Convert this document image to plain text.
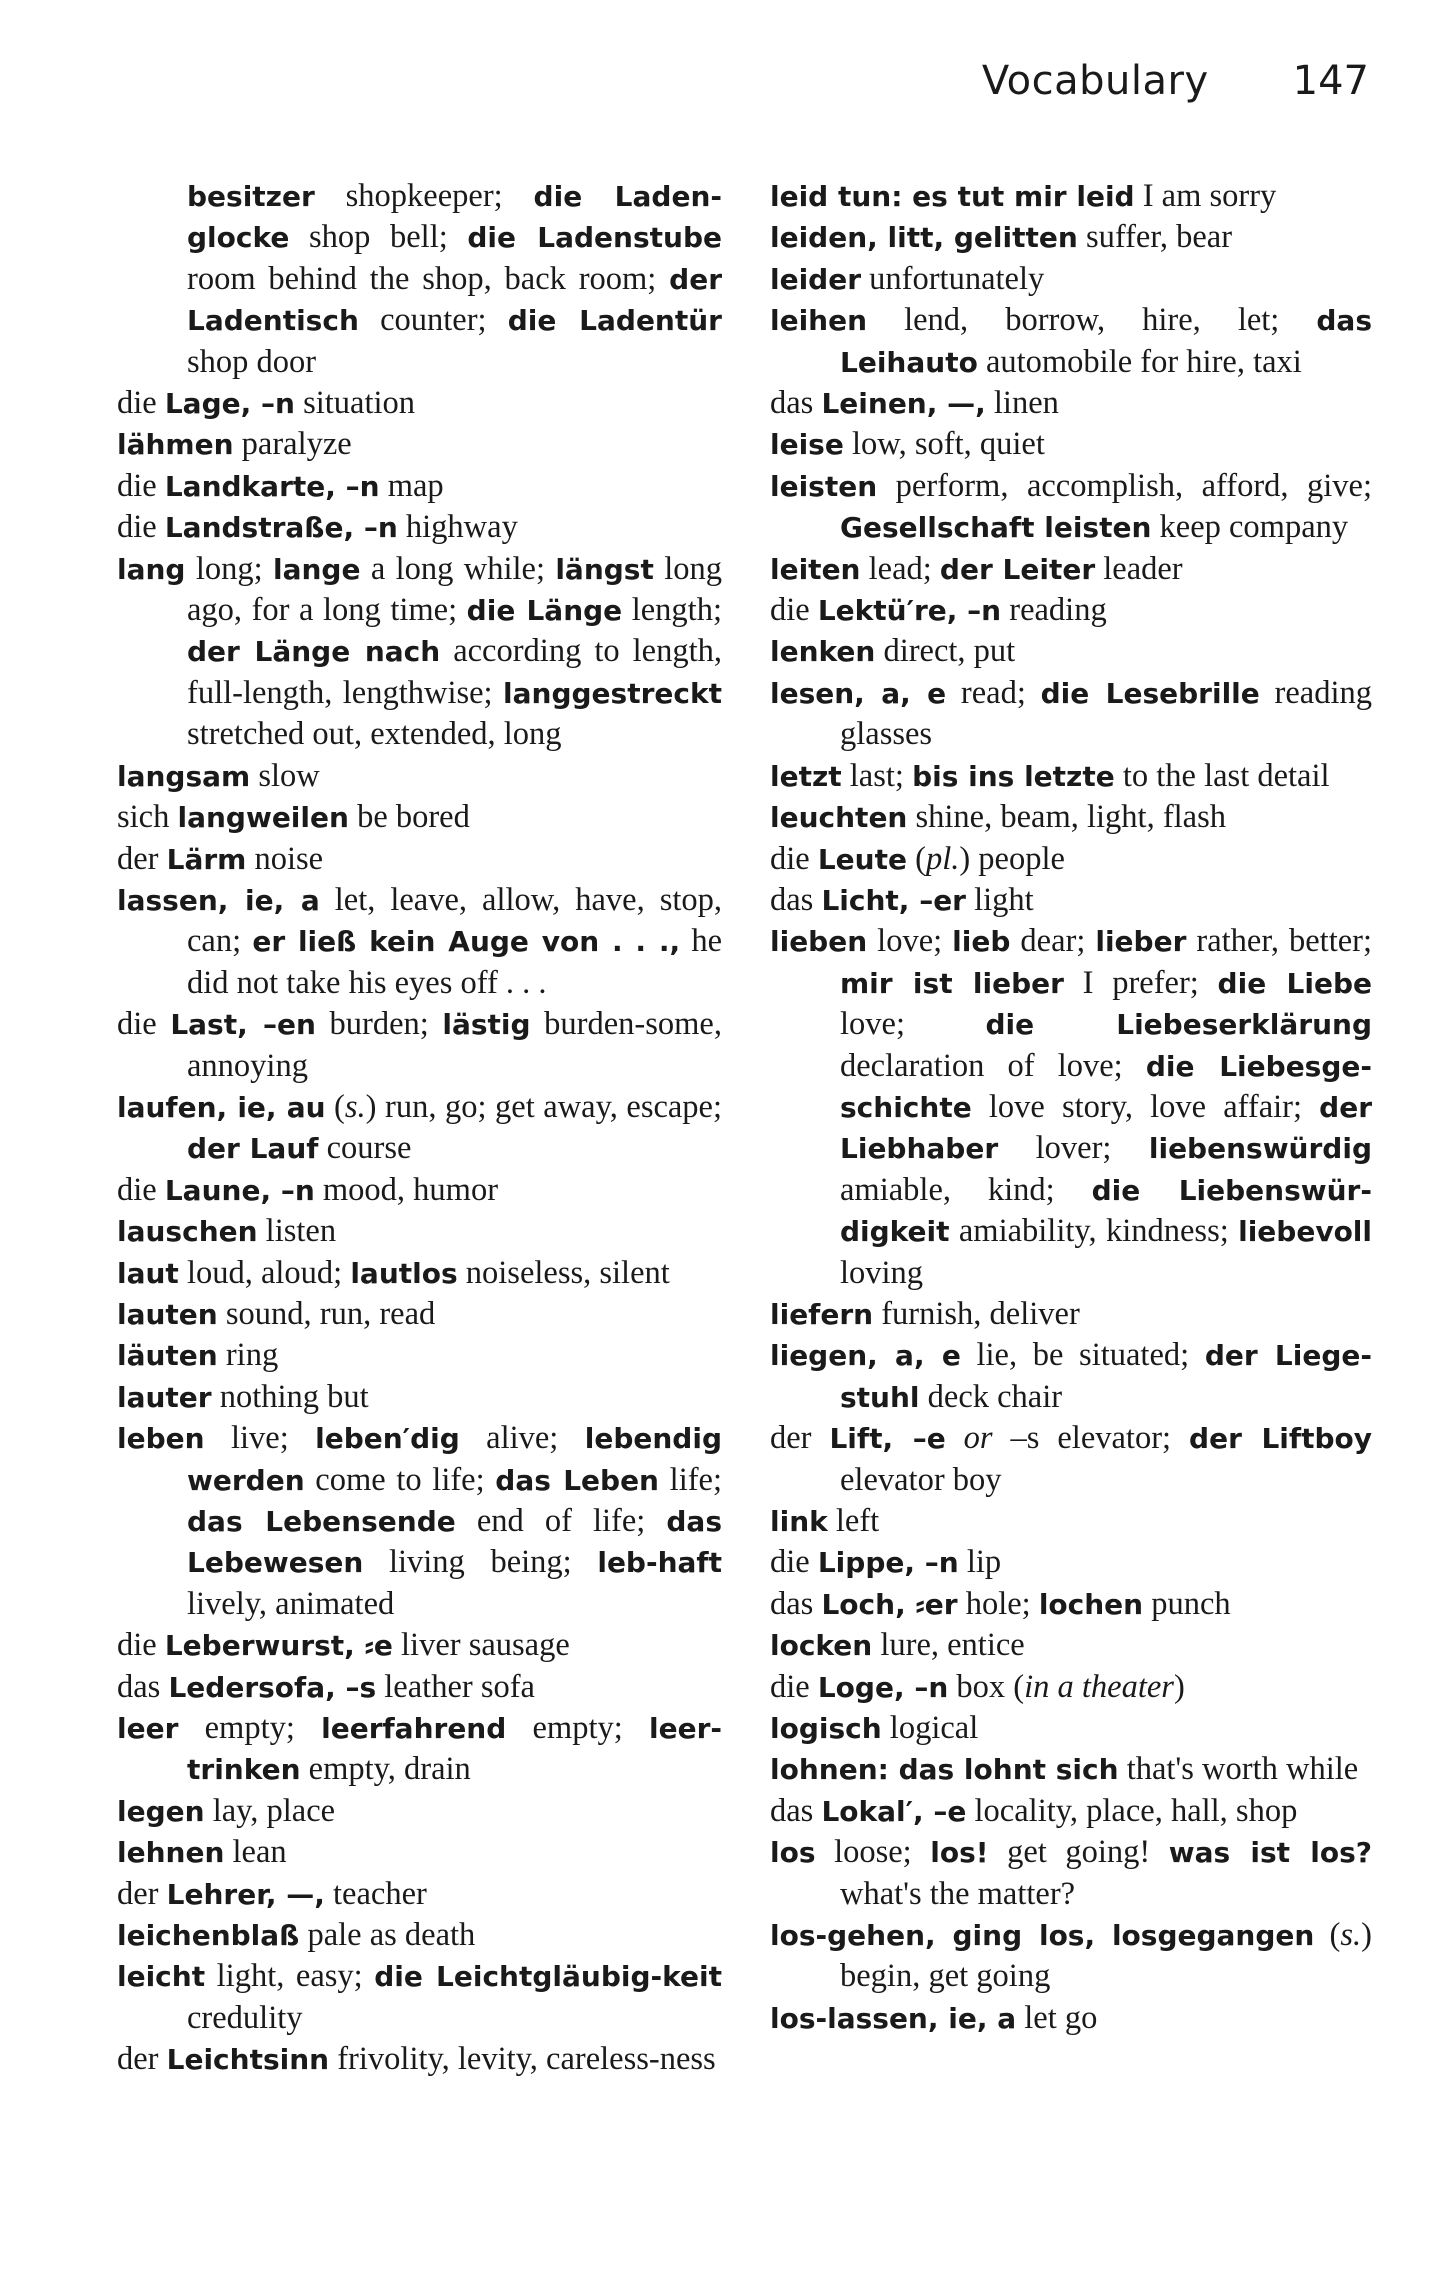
Vocabulary 147
besitzer shopkeeper; die Laden-glocke shop bell; die Ladenstube room behind the shop, back room; der Ladentisch counter; die Ladentür shop door
die Lage, –n situation
lähmen paralyze
die Landkarte, –n map
die Landstraße, –n highway
lang long; lange a long while; längst long ago, for a long time; die Länge length; der Länge nach according to length, full-length, lengthwise; langgestreckt stretched out, extended, long
langsam slow
sich langweilen be bored
der Lärm noise
lassen, ie, a let, leave, allow, have, stop, can; er ließ kein Auge von . . ., he did not take his eyes off . . .
die Last, –en burden; lästig burden-some, annoying
laufen, ie, au (s.) run, go; get away, escape; der Lauf course
die Laune, –n mood, humor
lauschen listen
laut loud, aloud; lautlos noiseless, silent
lauten sound, run, read
läuten ring
lauter nothing but
leben live; leben′dig alive; lebendig werden come to life; das Leben life; das Lebensende end of life; das Lebewesen living being; leb-haft lively, animated
die Leberwurst, ⸗e liver sausage
das Ledersofa, –s leather sofa
leer empty; leerfahrend empty; leer-trinken empty, drain
legen lay, place
lehnen lean
der Lehrer, —, teacher
leichenblaß pale as death
leicht light, easy; die Leichtgläubig-keit credulity
der Leichtsinn frivolity, levity, careless-ness
leid tun: es tut mir leid I am sorry
leiden, litt, gelitten suffer, bear
leider unfortunately
leihen lend, borrow, hire, let; das Leihauto automobile for hire, taxi
das Leinen, —, linen
leise low, soft, quiet
leisten perform, accomplish, afford, give; Gesellschaft leisten keep company
leiten lead; der Leiter leader
die Lektü′re, –n reading
lenken direct, put
lesen, a, e read; die Lesebrille reading glasses
letzt last; bis ins letzte to the last detail
leuchten shine, beam, light, flash
die Leute (pl.) people
das Licht, –er light
lieben love; lieb dear; lieber rather, better; mir ist lieber I prefer; die Liebe love; die Liebeserklärung declaration of love; die Liebesge-schichte love story, love affair; der Liebhaber lover; liebenswürdig amiable, kind; die Liebenswür-digkeit amiability, kindness; liebevoll loving
liefern furnish, deliver
liegen, a, e lie, be situated; der Liege-stuhl deck chair
der Lift, –e or –s elevator; der Liftboy elevator boy
link left
die Lippe, –n lip
das Loch, ⸗er hole; lochen punch
locken lure, entice
die Loge, –n box (in a theater)
logisch logical
lohnen: das lohnt sich that's worth while
das Lokal′, –e locality, place, hall, shop
los loose; los! get going! was ist los? what's the matter?
los-gehen, ging los, losgegangen (s.) begin, get going
los-lassen, ie, a let go
